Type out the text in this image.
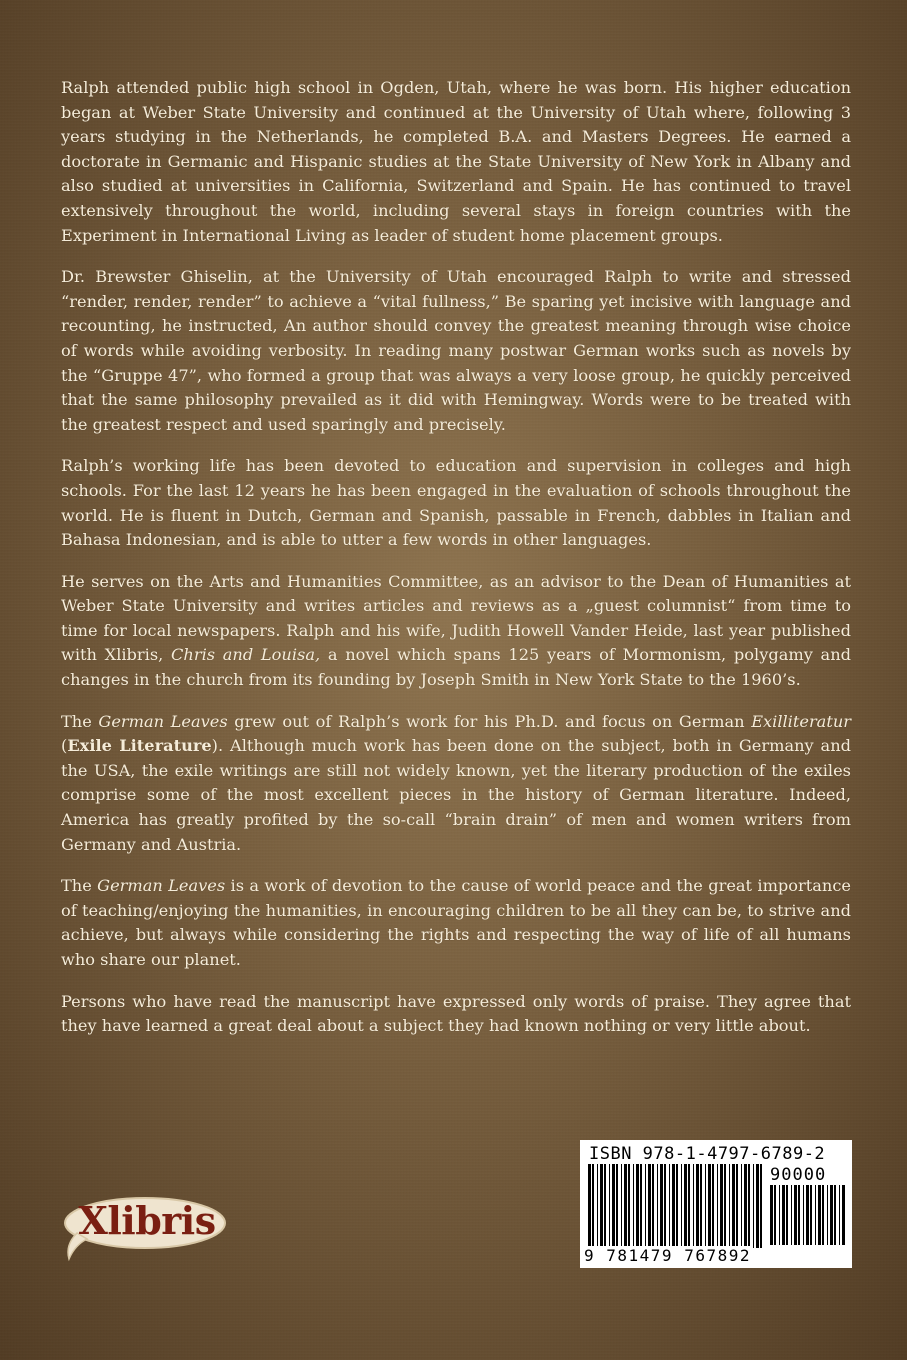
Ralph attended public high school in Ogden, Utah, where he was born. His higher education began at Weber State University and continued at the University of Utah where, following 3 years studying in the Netherlands, he completed B.A. and Masters Degrees. He earned a doctorate in Germanic and Hispanic studies at the State University of New York in Albany and also studied at universities in California, Switzerland and Spain. He has continued to travel extensively throughout the world, including several stays in foreign countries with the Experiment in International Living as leader of student home placement groups.

Dr. Brewster Ghiselin, at the University of Utah encouraged Ralph to write and stressed “render, render, render” to achieve a “vital fullness,” Be sparing yet incisive with language and recounting, he instructed, An author should convey the greatest meaning through wise choice of words while avoiding verbosity. In reading many postwar German works such as novels by the “Gruppe 47”, who formed a group that was always a very loose group, he quickly perceived that the same philosophy prevailed as it did with Hemingway. Words were to be treated with the greatest respect and used sparingly and precisely.

Ralph’s working life has been devoted to education and supervision in colleges and high schools. For the last 12 years he has been engaged in the evaluation of schools throughout the world. He is fluent in Dutch, German and Spanish, passable in French, dabbles in Italian and Bahasa Indonesian, and is able to utter a few words in other languages.

He serves on the Arts and Humanities Committee, as an advisor to the Dean of Humanities at Weber State University and writes articles and reviews as a „guest columnist“ from time to time for local newspapers. Ralph and his wife, Judith Howell Vander Heide, last year published with Xlibris, Chris and Louisa, a novel which spans 125 years of Mormonism, polygamy and changes in the church from its founding by Joseph Smith in New York State to the 1960’s.

The German Leaves grew out of Ralph’s work for his Ph.D. and focus on German Exilliteratur (Exile Literature). Although much work has been done on the subject, both in Germany and the USA, the exile writings are still not widely known, yet the literary production of the exiles comprise some of the most excellent pieces in the history of German literature. Indeed, America has greatly profited by the so-call “brain drain” of men and women writers from Germany and Austria.

The German Leaves is a work of devotion to the cause of world peace and the great importance of teaching/enjoying the humanities, in encouraging children to be all they can be, to strive and achieve, but always while considering the rights and respecting the way of life of all humans who share our planet.

Persons who have read the manuscript have expressed only words of praise. They agree that they have learned a great deal about a subject they had known nothing or very little about.

Xlibris
ISBN 978-1-4797-6789-2
90000
9 781479 767892
